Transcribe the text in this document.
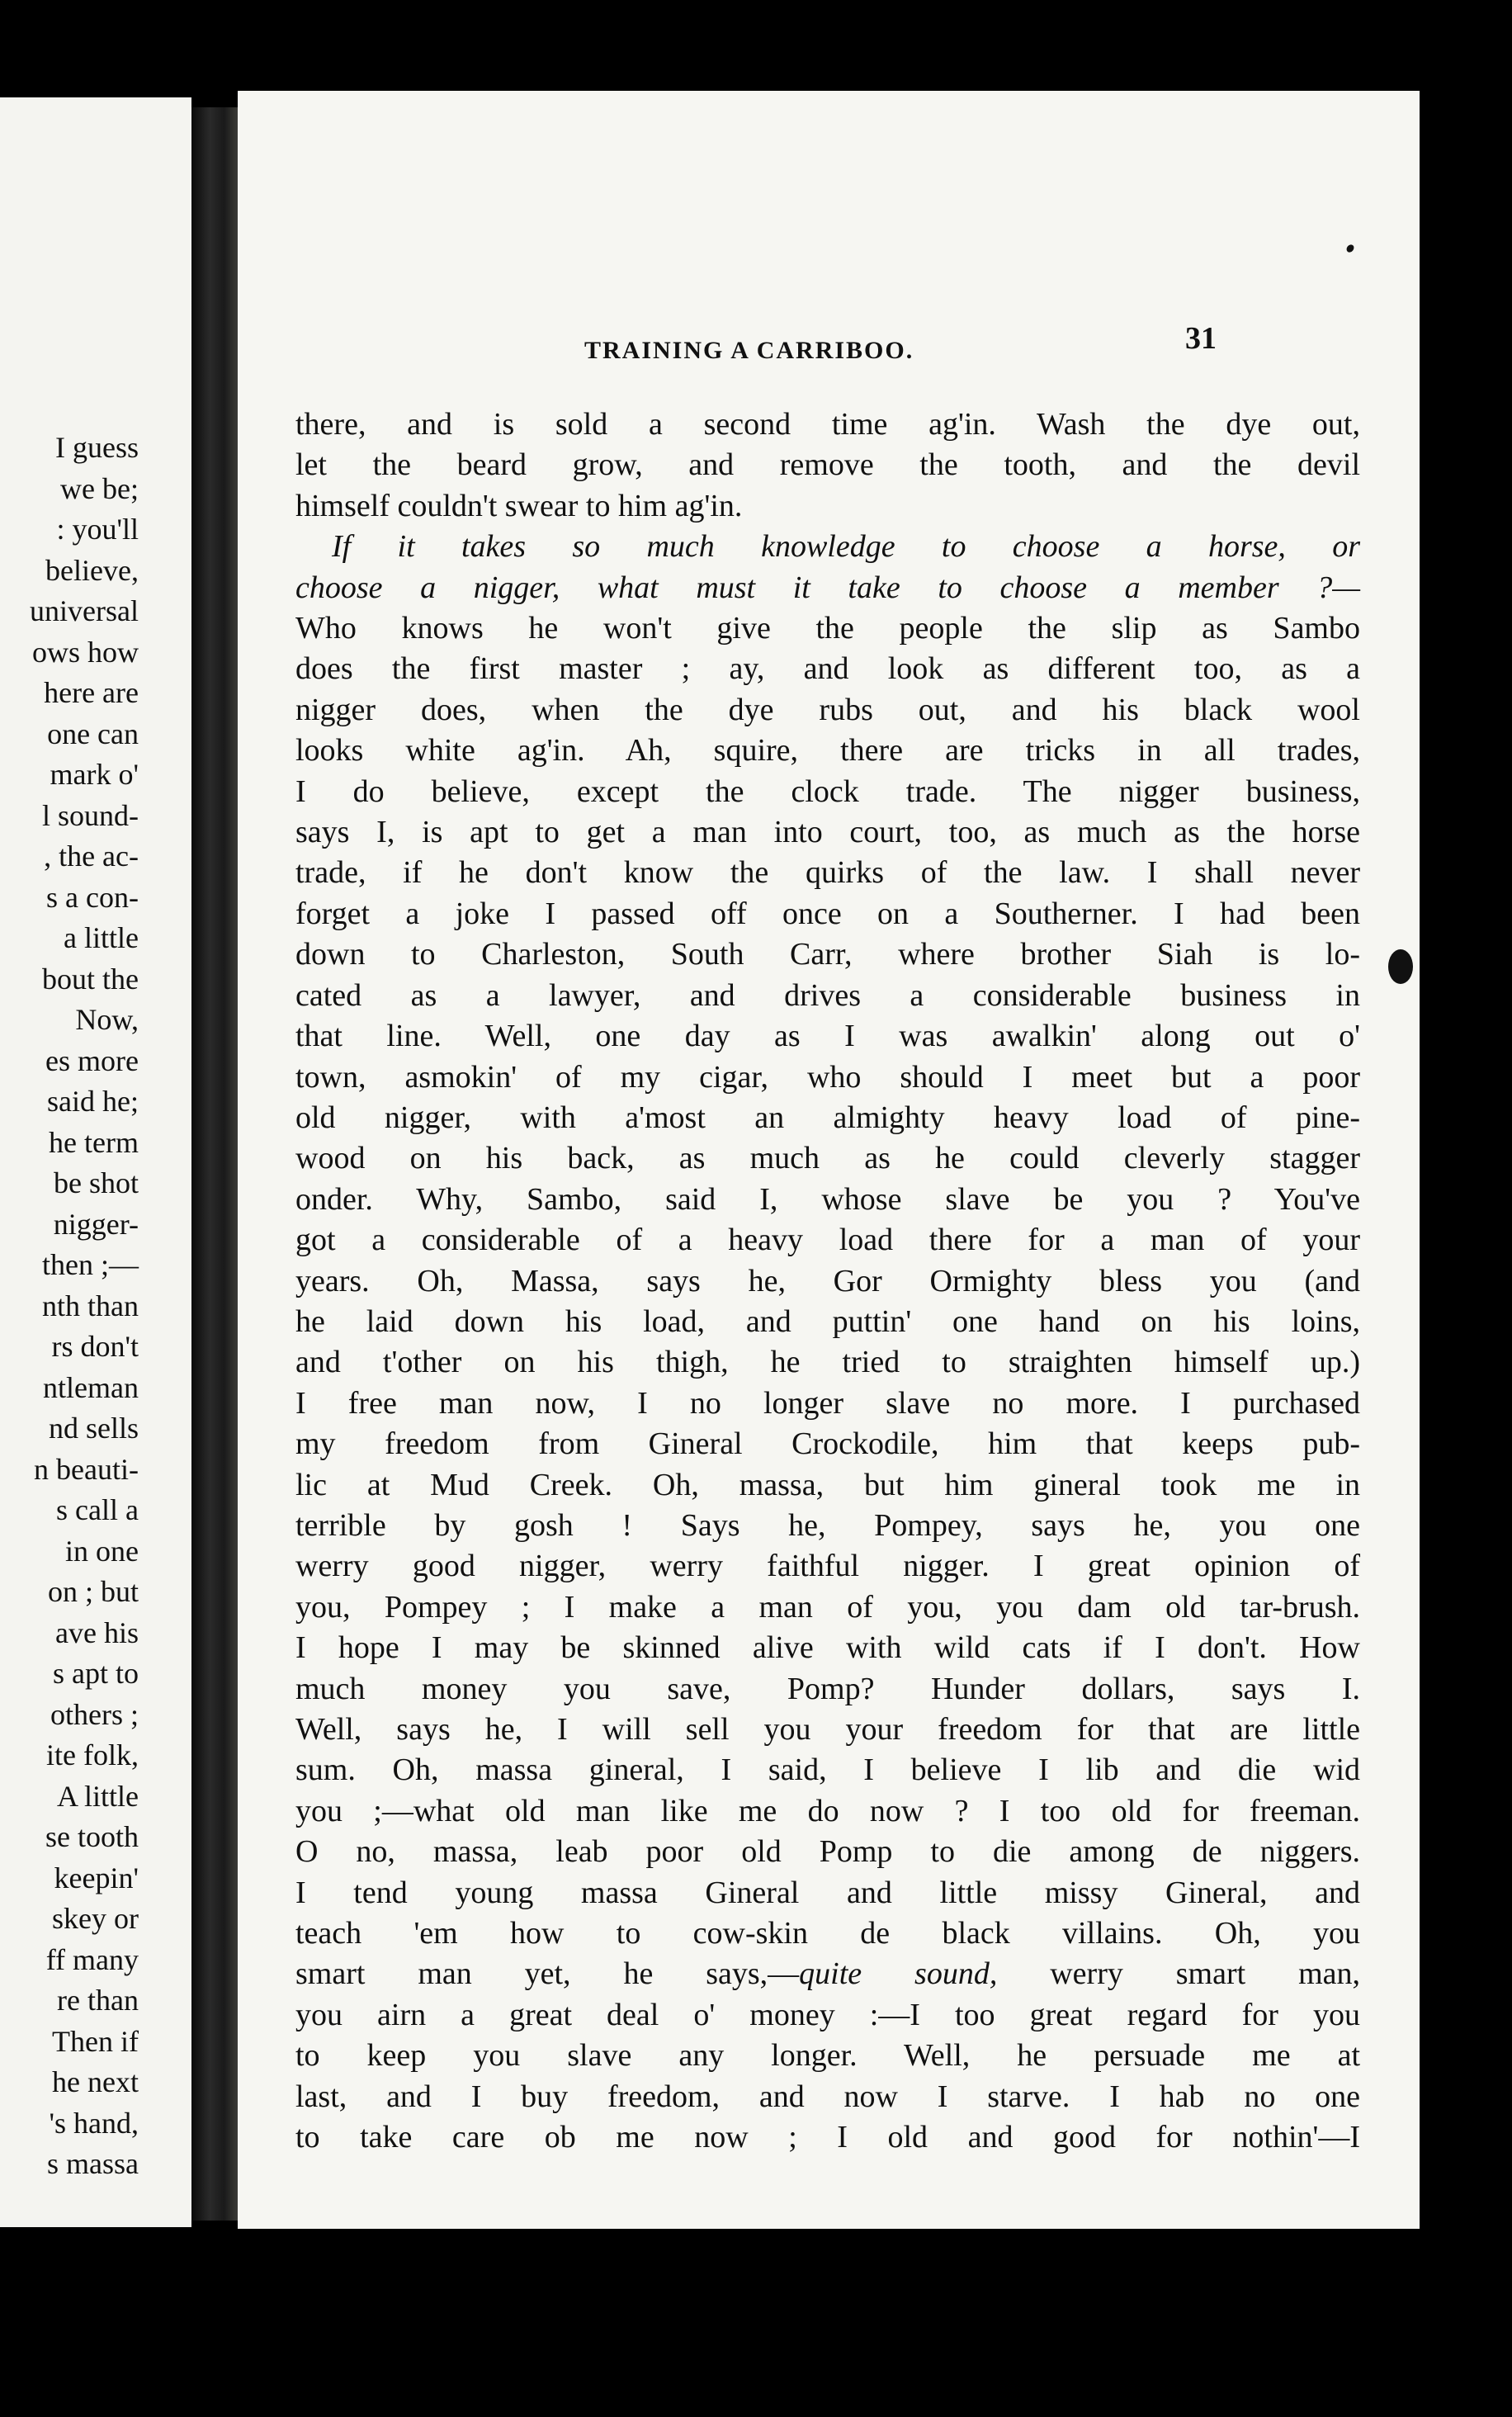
I guess
we be;
: you'll
believe,
universal
ows how
here are
one can
mark o'
l sound-
, the ac-
s a con-
a little
bout the
Now,
es more
said he;
he term
be shot
nigger-
then ;—
nth than
rs don't
ntleman
nd sells
n beauti-
s call a
in one
on ; but
ave his
s apt to
others ;
ite folk,
A little
se tooth
keepin'
skey or
ff many
re than
Then if
he next
's hand,
s massa
TRAINING A CARRIBOO.	31
there, and is sold a second time ag'in. Wash the dye out,
let the beard grow, and remove the tooth, and the devil
himself couldn't swear to him ag'in.
If it takes so much knowledge to choose a horse, or
choose a nigger, what must it take to choose a member ?—
Who knows he won't give the people the slip as Sambo
does the first master ; ay, and look as different too, as a
nigger does, when the dye rubs out, and his black wool
looks white ag'in. Ah, squire, there are tricks in all trades,
I do believe, except the clock trade. The nigger business,
says I, is apt to get a man into court, too, as much as the horse
trade, if he don't know the quirks of the law. I shall never
forget a joke I passed off once on a Southerner. I had been
down to Charleston, South Carr, where brother Siah is lo-
cated as a lawyer, and drives a considerable business in
that line. Well, one day as I was awalkin' along out o'
town, asmokin' of my cigar, who should I meet but a poor
old nigger, with a'most an almighty heavy load of pine-
wood on his back, as much as he could cleverly stagger
onder. Why, Sambo, said I, whose slave be you ? You've
got a considerable of a heavy load there for a man of your
years. Oh, Massa, says he, Gor Ormighty bless you (and
he laid down his load, and puttin' one hand on his loins,
and t'other on his thigh, he tried to straighten himself up.)
I free man now, I no longer slave no more. I purchased
my freedom from Gineral Crockodile, him that keeps pub-
lic at Mud Creek. Oh, massa, but him gineral took me in
terrible by gosh ! Says he, Pompey, says he, you one
werry good nigger, werry faithful nigger. I great opinion of
you, Pompey ; I make a man of you, you dam old tar-brush.
I hope I may be skinned alive with wild cats if I don't. How
much money you save, Pomp? Hunder dollars, says I.
Well, says he, I will sell you your freedom for that are little
sum. Oh, massa gineral, I said, I believe I lib and die wid
you ;—what old man like me do now ? I too old for freeman.
O no, massa, leab poor old Pomp to die among de niggers.
I tend young massa Gineral and little missy Gineral, and
teach 'em how to cow-skin de black villains. Oh, you
smart man yet, he says,—quite sound, werry smart man,
you airn a great deal o' money :—I too great regard for you
to keep you slave any longer. Well, he persuade me at
last, and I buy freedom, and now I starve. I hab no one
to take care ob me now ; I old and good for nothin'—I
